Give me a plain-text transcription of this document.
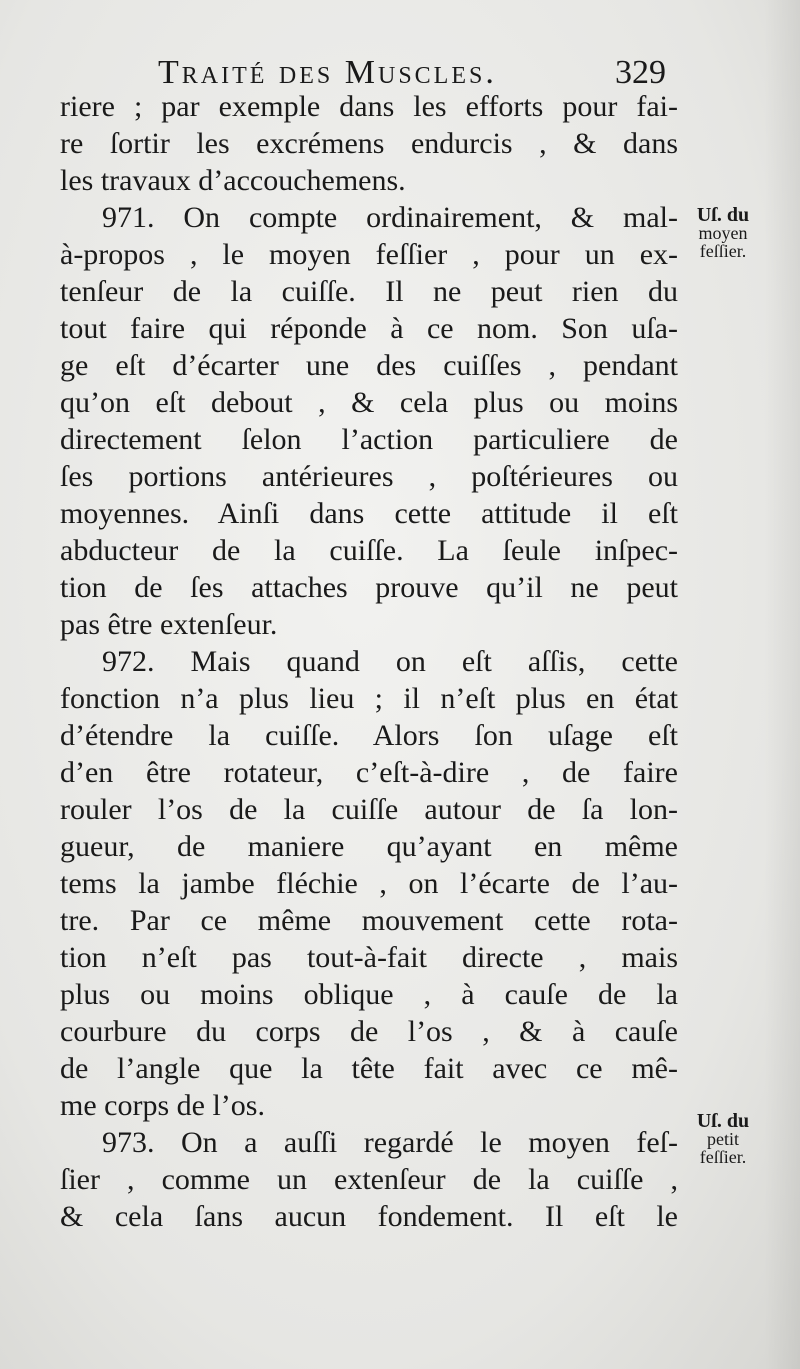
Traité des Muscles.	329
riere ; par exemple dans les efforts pour fai-
re ſortir les excrémens endurcis , & dans
les travaux d’accouchemens.
971. On compte ordinairement, & mal-
à-propos , le moyen feſſier , pour un ex-
tenſeur de la cuiſſe. Il ne peut rien du
tout faire qui réponde à ce nom. Son uſa-
ge eſt d’écarter une des cuiſſes , pendant
qu’on eſt debout , & cela plus ou moins
directement ſelon l’action particuliere de
ſes portions antérieures , poſtérieures ou
moyennes. Ainſi dans cette attitude il eſt
abducteur de la cuiſſe. La ſeule inſpec-
tion de ſes attaches prouve qu’il ne peut
pas être extenſeur.
972. Mais quand on eſt aſſis, cette
fonction n’a plus lieu ; il n’eſt plus en état
d’étendre la cuiſſe. Alors ſon uſage eſt
d’en être rotateur, c’eſt-à-dire , de faire
rouler l’os de la cuiſſe autour de ſa lon-
gueur, de maniere qu’ayant en même
tems la jambe fléchie , on l’écarte de l’au-
tre. Par ce même mouvement cette rota-
tion n’eſt pas tout-à-fait directe , mais
plus ou moins oblique , à cauſe de la
courbure du corps de l’os , & à cauſe
de l’angle que la tête fait avec ce mê-
me corps de l’os.
973. On a auſſi regardé le moyen feſ-
ſier , comme un extenſeur de la cuiſſe ,
& cela ſans aucun fondement. Il eſt le
Uſ. du
moyen
feſſier.
Uſ. du
petit
feſſier.
